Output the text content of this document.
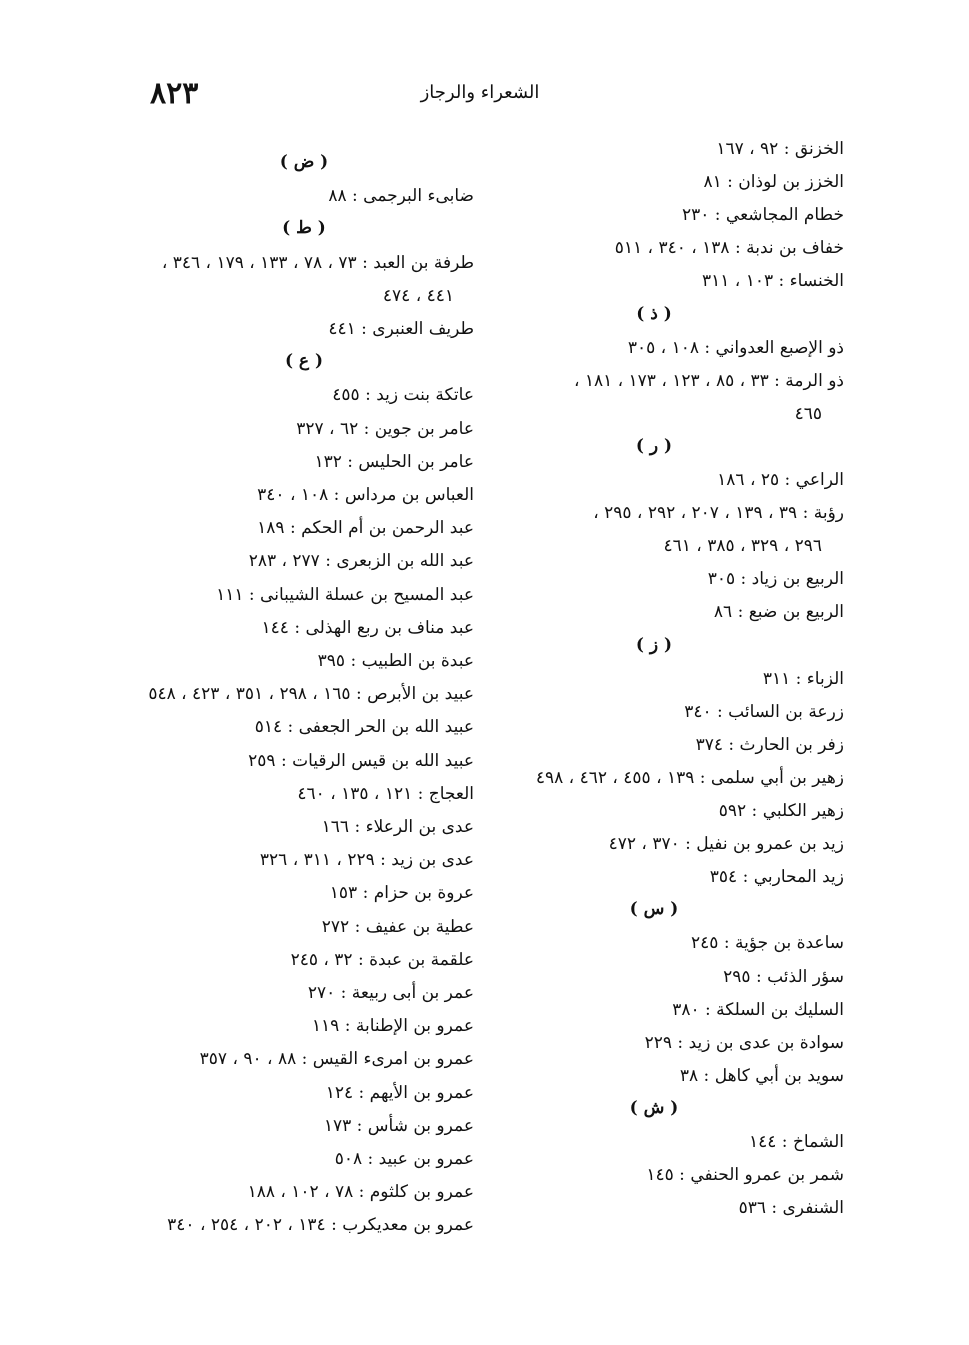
٨٢٣	الشعراء والرجاز
الخزنق : ٩٢ ، ١٦٧
الخزز بن لوذان : ٨١
خطام المجاشعي : ٢٣٠
خفاف بن ندبة : ١٣٨ ، ٣٤٠ ، ٥١١
الخنساء : ١٠٣ ، ٣١١
( ذ )
ذو الإصبع العدواني : ١٠٨ ، ٣٠٥
ذو الرمة : ٣٣ ، ٨٥ ، ١٢٣ ، ١٧٣ ، ١٨١ ،
٤٦٥
( ر )
الراعي : ٢٥ ، ١٨٦
رؤبة : ٣٩ ، ١٣٩ ، ٢٠٧ ، ٢٩٢ ، ٢٩٥ ،
٢٩٦ ، ٣٢٩ ، ٣٨٥ ، ٤٦١
الربيع بن زياد : ٣٠٥
الربيع بن ضبع : ٨٦
( ز )
الزباء : ٣١١
زرعة بن السائب : ٣٤٠
زفر بن الحارث : ٣٧٤
زهير بن أبي سلمى : ١٣٩ ، ٤٥٥ ، ٤٦٢ ، ٤٩٨
زهير الكلبي : ٥٩٢
زيد بن عمرو بن نفيل : ٣٧٠ ، ٤٧٢
زيد المحاربي : ٣٥٤
( س )
ساعدة بن جؤية : ٢٤٥
سؤر الذئب : ٢٩٥
السليك بن السلكة : ٣٨٠
سوادة بن عدى بن زيد : ٢٢٩
سويد بن أبي كاهل : ٣٨
( ش )
الشماخ : ١٤٤
شمر بن عمرو الحنفي : ١٤٥
الشنفرى : ٥٣٦
( ض )
ضابىء البرجمى : ٨٨
( ط )
طرفة بن العبد : ٧٣ ، ٧٨ ، ١٣٣ ، ١٧٩ ، ٣٤٦ ،
٤٤١ ، ٤٧٤
طريف العنبرى : ٤٤١
( ع )
عاتكة بنت زيد : ٤٥٥
عامر بن جوين : ٦٢ ، ٣٢٧
عامر بن الحليس : ١٣٢
العباس بن مرداس : ١٠٨ ، ٣٤٠
عبد الرحمن بن أم الحكم : ١٨٩
عبد الله بن الزبعرى : ٢٧٧ ، ٢٨٣
عبد المسيح بن عسلة الشيبانى : ١١١
عبد مناف بن ربع الهذلى : ١٤٤
عبدة بن الطبيب : ٣٩٥
عبيد بن الأبرص : ١٦٥ ، ٢٩٨ ، ٣٥١ ، ٤٢٣ ، ٥٤٨
عبيد الله بن الحر الجعفى : ٥١٤
عبيد الله بن قيس الرقيات : ٢٥٩
العجاج : ١٢١ ، ١٣٥ ، ٤٦٠
عدى بن الرعلاء : ١٦٦
عدى بن زيد : ٢٢٩ ، ٣١١ ، ٣٢٦
عروة بن حزام : ١٥٣
عطية بن عفيف : ٢٧٢
علقمة بن عبدة : ٣٢ ، ٢٤٥
عمر بن أبى ربيعة : ٢٧٠
عمرو بن الإطنابة : ١١٩
عمرو بن امرىء القيس : ٨٨ ، ٩٠ ، ٣٥٧
عمرو بن الأيهم : ١٢٤
عمرو بن شأس : ١٧٣
عمرو بن عبيد : ٥٠٨
عمرو بن كلثوم : ٧٨ ، ١٠٢ ، ١٨٨
عمرو بن معديكرب : ١٣٤ ، ٢٠٢ ، ٢٥٤ ، ٣٤٠
